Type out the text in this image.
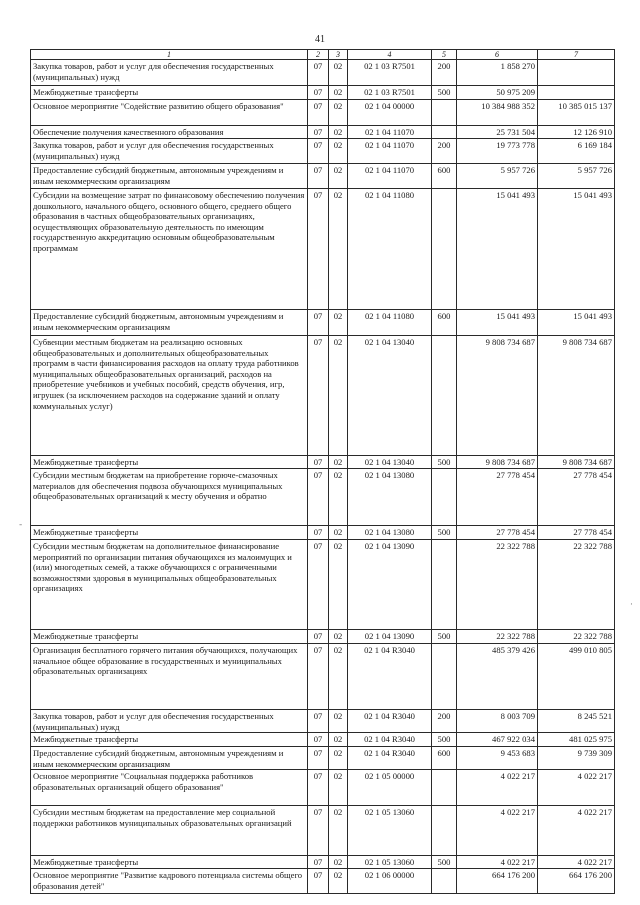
41
1	2	3	4	5	6	7
Закупка товаров, работ и услуг для обеспечения государственных (муниципальных) нужд	07	02	02 1 03 R7501	200	1 858 270	
Межбюджетные трансферты	07	02	02 1 03 R7501	500	50 975 209	
Основное мероприятие "Содействие развитию общего образования"	07	02	02 1 04 00000		10 384 988 352	10 385 015 137
Обеспечение получения качественного образования	07	02	02 1 04 11070		25 731 504	12 126 910
Закупка товаров, работ и услуг для обеспечения государственных (муниципальных) нужд	07	02	02 1 04 11070	200	19 773 778	6 169 184
Предоставление субсидий бюджетным, автономным учреждениям и иным некоммерческим организациям	07	02	02 1 04 11070	600	5 957 726	5 957 726
Субсидии на возмещение затрат по финансовому обеспечению получения дошкольного, начального общего, основного общего, среднего общего образования в частных общеобразовательных организациях, осуществляющих образовательную деятельность по имеющим государственную аккредитацию основным общеобразовательным программам	07	02	02 1 04 11080		15 041 493	15 041 493
Предоставление субсидий бюджетным, автономным учреждениям и иным некоммерческим организациям	07	02	02 1 04 11080	600	15 041 493	15 041 493
Субвенции местным бюджетам на реализацию основных общеобразовательных и дополнительных общеобразовательных программ в части финансирования расходов на оплату труда работников муниципальных общеобразовательных организаций, расходов на приобретение учебников и учебных пособий, средств обучения, игр, игрушек (за исключением расходов на содержание зданий и оплату коммунальных услуг)	07	02	02 1 04 13040		9 808 734 687	9 808 734 687
Межбюджетные трансферты	07	02	02 1 04 13040	500	9 808 734 687	9 808 734 687
Субсидии местным бюджетам на приобретение горюче-смазочных материалов для обеспечения подвоза обучающихся муниципальных общеобразовательных организаций к месту обучения и обратно	07	02	02 1 04 13080		27 778 454	27 778 454
Межбюджетные трансферты	07	02	02 1 04 13080	500	27 778 454	27 778 454
Субсидии местным бюджетам на дополнительное финансирование мероприятий по организации питания обучающихся из малоимущих и (или) многодетных семей, а также обучающихся с ограниченными возможностями здоровья в муниципальных общеобразовательных организациях	07	02	02 1 04 13090		22 322 788	22 322 788
Межбюджетные трансферты	07	02	02 1 04 13090	500	22 322 788	22 322 788
Организация бесплатного горячего питания обучающихся, получающих начальное общее образование в государственных и муниципальных образовательных организациях	07	02	02 1 04 R3040		485 379 426	499 010 805
Закупка товаров, работ и услуг для обеспечения государственных (муниципальных) нужд	07	02	02 1 04 R3040	200	8 003 709	8 245 521
Межбюджетные трансферты	07	02	02 1 04 R3040	500	467 922 034	481 025 975
Предоставление субсидий бюджетным, автономным учреждениям и иным некоммерческим организациям	07	02	02 1 04 R3040	600	9 453 683	9 739 309
Основное мероприятие "Социальная поддержка работников образовательных организаций общего образования"	07	02	02 1 05 00000		4 022 217	4 022 217
Субсидии местным бюджетам на предоставление мер социальной поддержки работников муниципальных образовательных организаций	07	02	02 1 05 13060		4 022 217	4 022 217
Межбюджетные трансферты	07	02	02 1 05 13060	500	4 022 217	4 022 217
Основное мероприятие "Развитие кадрового потенциала системы общего образования детей"	07	02	02 1 06 00000		664 176 200	664 176 200
-
·
